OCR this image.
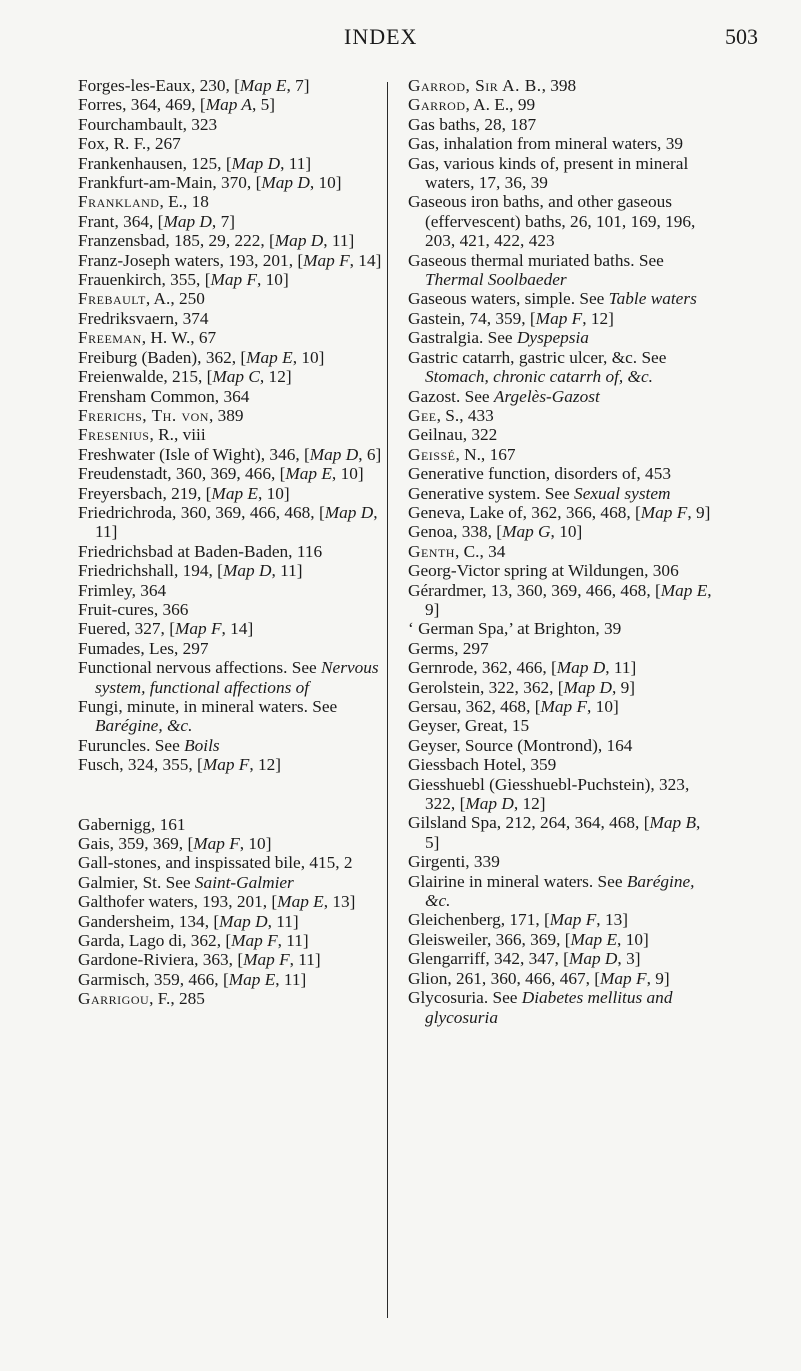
INDEX	503

Forges-les-Eaux, 230, [Map E, 7]

Forres, 364, 469, [Map A, 5]

Fourchambault, 323

Fox, R. F., 267

Frankenhausen, 125, [Map D, 11]

Frankfurt-am-Main, 370, [Map D, 10]

Frankland, E., 18

Frant, 364, [Map D, 7]

Franzensbad, 185, 29, 222, [Map D, 11]

Franz-Joseph waters, 193, 201, [Map F, 14]

Frauenkirch, 355, [Map F, 10]

Frebault, A., 250

Fredriksvaern, 374

Freeman, H. W., 67

Freiburg (Baden), 362, [Map E, 10]

Freienwalde, 215, [Map C, 12]

Frensham Common, 364

Frerichs, Th. von, 389

Fresenius, R., viii

Freshwater (Isle of Wight), 346, [Map D, 6]

Freudenstadt, 360, 369, 466, [Map E, 10]

Freyersbach, 219, [Map E, 10]

Friedrichroda, 360, 369, 466, 468, [Map D, 11]

Friedrichsbad at Baden-Baden, 116

Friedrichshall, 194, [Map D, 11]

Frimley, 364

Fruit-cures, 366

Fuered, 327, [Map F, 14]

Fumades, Les, 297

Functional nervous affections. See Nervous system, functional affections of

Fungi, minute, in mineral waters. See Barégine, &c.

Furuncles. See Boils

Fusch, 324, 355, [Map F, 12]

Gabernigg, 161

Gais, 359, 369, [Map F, 10]

Gall-stones, and inspissated bile, 415, 2

Galmier, St. See Saint-Galmier

Galthofer waters, 193, 201, [Map E, 13]

Gandersheim, 134, [Map D, 11]

Garda, Lago di, 362, [Map F, 11]

Gardone-Riviera, 363, [Map F, 11]

Garmisch, 359, 466, [Map E, 11]

Garrigou, F., 285

Garrod, Sir A. B., 398

Garrod, A. E., 99

Gas baths, 28, 187

Gas, inhalation from mineral waters, 39

Gas, various kinds of, present in mineral waters, 17, 36, 39

Gaseous iron baths, and other gaseous (effervescent) baths, 26, 101, 169, 196, 203, 421, 422, 423

Gaseous thermal muriated baths. See Thermal Soolbaeder

Gaseous waters, simple. See Table waters

Gastein, 74, 359, [Map F, 12]

Gastralgia. See Dyspepsia

Gastric catarrh, gastric ulcer, &c. See Stomach, chronic catarrh of, &c.

Gazost. See Argelès-Gazost

Gee, S., 433

Geilnau, 322

Geissé, N., 167

Generative function, disorders of, 453

Generative system. See Sexual system

Geneva, Lake of, 362, 366, 468, [Map F, 9]

Genoa, 338, [Map G, 10]

Genth, C., 34

Georg-Victor spring at Wildungen, 306

Gérardmer, 13, 360, 369, 466, 468, [Map E, 9]

‘ German Spa,’ at Brighton, 39

Germs, 297

Gernrode, 362, 466, [Map D, 11]

Gerolstein, 322, 362, [Map D, 9]

Gersau, 362, 468, [Map F, 10]

Geyser, Great, 15

Geyser, Source (Montrond), 164

Giessbach Hotel, 359

Giesshuebl (Giesshuebl-Puchstein), 323, 322, [Map D, 12]

Gilsland Spa, 212, 264, 364, 468, [Map B, 5]

Girgenti, 339

Glairine in mineral waters. See Barégine, &c.

Gleichenberg, 171, [Map F, 13]

Gleisweiler, 366, 369, [Map E, 10]

Glengarriff, 342, 347, [Map D, 3]

Glion, 261, 360, 466, 467, [Map F, 9]

Glycosuria. See Diabetes mellitus and glycosuria
